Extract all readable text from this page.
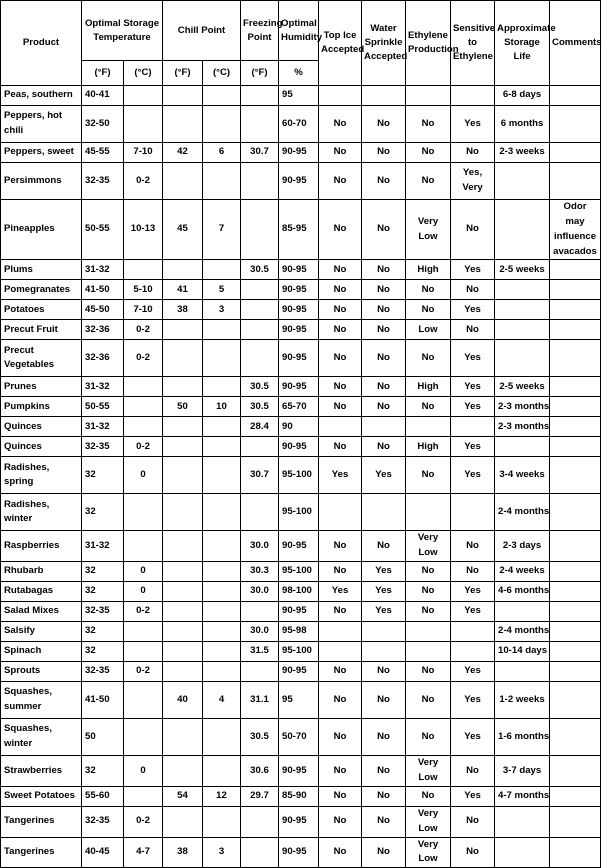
Product	Optimal Storage Temperature		Chill Point		Freezing Point	Optimal Humidity	Top Ice Accepted	Water Sprinkle Accepted	Ethylene Production	Sensitive to Ethylene	Approximate Storage Life	Comments
	(°F)	(°C)	(°F)	(°C)	(°F)	%						
Peas, southern	40-41					95					6-8 days	
Peppers, hot chili	32-50					60-70	No	No	No	Yes	6 months	
Peppers, sweet	45-55	7-10	42	6	30.7	90-95	No	No	No	No	2-3 weeks	
Persimmons	32-35	0-2				90-95	No	No	No	Yes, Very		
Pineapples	50-55	10-13	45	7		85-95	No	No	Very Low	No		Odor may influence avacados
Plums	31-32				30.5	90-95	No	No	High	Yes	2-5 weeks	
Pomegranates	41-50	5-10	41	5		90-95	No	No	No	No		
Potatoes	45-50	7-10	38	3		90-95	No	No	No	Yes		
Precut Fruit	32-36	0-2				90-95	No	No	Low	No		
Precut Vegetables	32-36	0-2				90-95	No	No	No	Yes		
Prunes	31-32				30.5	90-95	No	No	High	Yes	2-5 weeks	
Pumpkins	50-55		50	10	30.5	65-70	No	No	No	Yes	2-3 months	
Quinces	31-32				28.4	90					2-3 months	
Quinces	32-35	0-2				90-95	No	No	High	Yes		
Radishes, spring	32	0			30.7	95-100	Yes	Yes	No	Yes	3-4 weeks	
Radishes, winter	32					95-100					2-4 months	
Raspberries	31-32				30.0	90-95	No	No	Very Low	No	2-3 days	
Rhubarb	32	0			30.3	95-100	No	Yes	No	No	2-4 weeks	
Rutabagas	32	0			30.0	98-100	Yes	Yes	No	Yes	4-6 months	
Salad Mixes	32-35	0-2				90-95	No	Yes	No	Yes		
Salsify	32				30.0	95-98					2-4 months	
Spinach	32				31.5	95-100					10-14 days	
Sprouts	32-35	0-2				90-95	No	No	No	Yes		
Squashes, summer	41-50		40	4	31.1	95	No	No	No	Yes	1-2 weeks	
Squashes, winter	50				30.5	50-70	No	No	No	Yes	1-6 months	
Strawberries	32	0			30.6	90-95	No	No	Very Low	No	3-7 days	
Sweet Potatoes	55-60		54	12	29.7	85-90	No	No	No	Yes	4-7 months	
Tangerines	32-35	0-2				90-95	No	No	Very Low	No		
Tangerines	40-45	4-7	38	3		90-95	No	No	Very Low	No		
